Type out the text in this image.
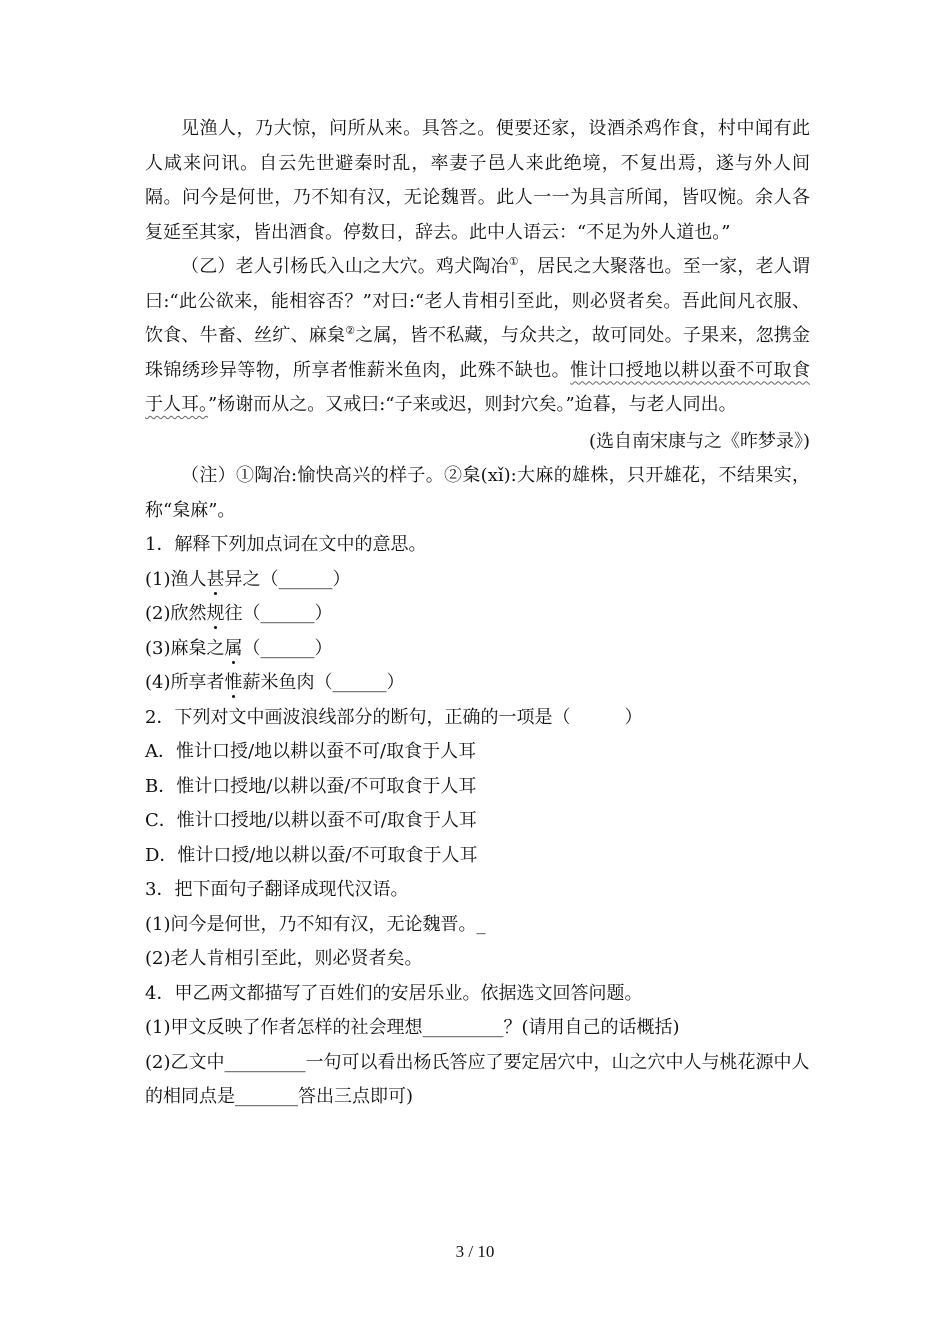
见渔人，乃大惊，问所从来。具答之。便要还家，设酒杀鸡作食，村中闻有此人咸来问讯。自云先世避秦时乱，率妻子邑人来此绝境，不复出焉，遂与外人间隔。问今是何世，乃不知有汉，无论魏晋。此人一一为具言所闻，皆叹惋。余人各复延至其家，皆出酒食。停数日，辞去。此中人语云：“不足为外人道也。”

（乙）老人引杨氏入山之大穴。鸡犬陶冶①，居民之大聚落也。至一家，老人谓曰:“此公欲来，能相容否？”对曰:“老人肯相引至此，则必贤者矣。吾此间凡衣服、饮食、牛畜、丝纩、麻枲②之属，皆不私藏，与众共之，故可同处。子果来，忽携金珠锦绣珍异等物，所享者惟薪米鱼肉，此殊不缺也。惟计口授地以耕以蚕不可取食于人耳。”杨谢而从之。又戒曰:“子来或迟，则封穴矣。”迨暮，与老人同出。

(选自南宋康与之《昨梦录》)

（注）①陶冶:愉快高兴的样子。②枲(xǐ):大麻的雄株，只开雄花，不结果实，称“枲麻”。

1．解释下列加点词在文中的意思。

(1)渔人甚异之（______）

(2)欣然规往（______）

(3)麻枲之属（______）

(4)所享者惟薪米鱼肉（______）

2．下列对文中画波浪线部分的断句，正确的一项是（　　　）

A．惟计口授/地以耕以蚕不可/取食于人耳

B．惟计口授地/以耕以蚕/不可取食于人耳

C．惟计口授地/以耕以蚕不可/取食于人耳

D．惟计口授/地以耕以蚕/不可取食于人耳

3．把下面句子翻译成现代汉语。

(1)问今是何世，乃不知有汉，无论魏晋。_

(2)老人肯相引至此，则必贤者矣。

4．甲乙两文都描写了百姓们的安居乐业。依据选文回答问题。

(1)甲文反映了作者怎样的社会理想_________？(请用自己的话概括)

(2)乙文中_________一句可以看出杨氏答应了要定居穴中，山之穴中人与桃花源中人的相同点是_______答出三点即可)

3 / 10
